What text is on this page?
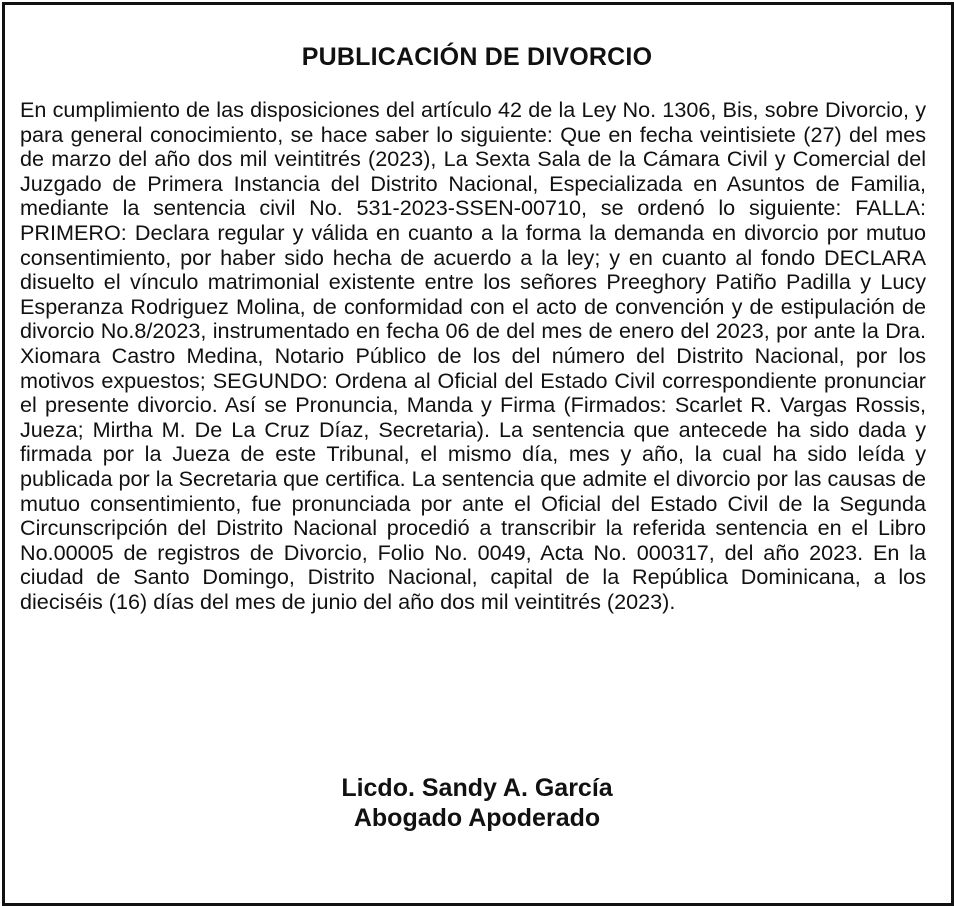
PUBLICACIÓN DE DIVORCIO

En cumplimiento de las disposiciones del artículo 42 de la Ley No. 1306, Bis, sobre Divorcio, y para general conocimiento, se hace saber lo siguiente: Que en fecha veintisiete (27) del mes de marzo del año dos mil veintitrés (2023), La Sexta Sala de la Cámara Civil y Comercial del Juzgado de Primera Instancia del Distrito Nacional, Especializada en Asuntos de Familia, mediante la sentencia civil No. 531-2023-SSEN-00710, se ordenó lo siguiente: FALLA: PRIMERO: Declara regular y válida en cuanto a la forma la demanda en divorcio por mutuo consentimiento, por haber sido hecha de acuerdo a la ley; y en cuanto al fondo DECLARA disuelto el vínculo matrimonial existente entre los señores Preeghory Patiño Padilla y Lucy Esperanza Rodriguez Molina, de conformidad con el acto de convención y de estipulación de divorcio No.8/2023, instrumentado en fecha 06 de del mes de enero del 2023, por ante la Dra. Xiomara Castro Medina, Notario Público de los del número del Distrito Nacional, por los motivos expuestos; SEGUNDO: Ordena al Oficial del Estado Civil correspondiente pronunciar el presente divorcio. Así se Pronuncia, Manda y Firma (Firmados: Scarlet R. Vargas Rossis, Jueza; Mirtha M. De La Cruz Díaz, Secretaria). La sentencia que antecede ha sido dada y firmada por la Jueza de este Tribunal, el mismo día, mes y año, la cual ha sido leída y publicada por la Secretaria que certifica. La sentencia que admite el divorcio por las causas de mutuo consentimiento, fue pronunciada por ante el Oficial del Estado Civil de la Segunda Circunscripción del Distrito Nacional procedió a transcribir la referida sentencia en el Libro No.00005 de registros de Divorcio, Folio No. 0049, Acta No. 000317, del año 2023. En la ciudad de Santo Domingo, Distrito Nacional, capital de la República Dominicana, a los dieciséis (16) días del mes de junio del año dos mil veintitrés (2023).

Licdo. Sandy A. García
Abogado Apoderado
